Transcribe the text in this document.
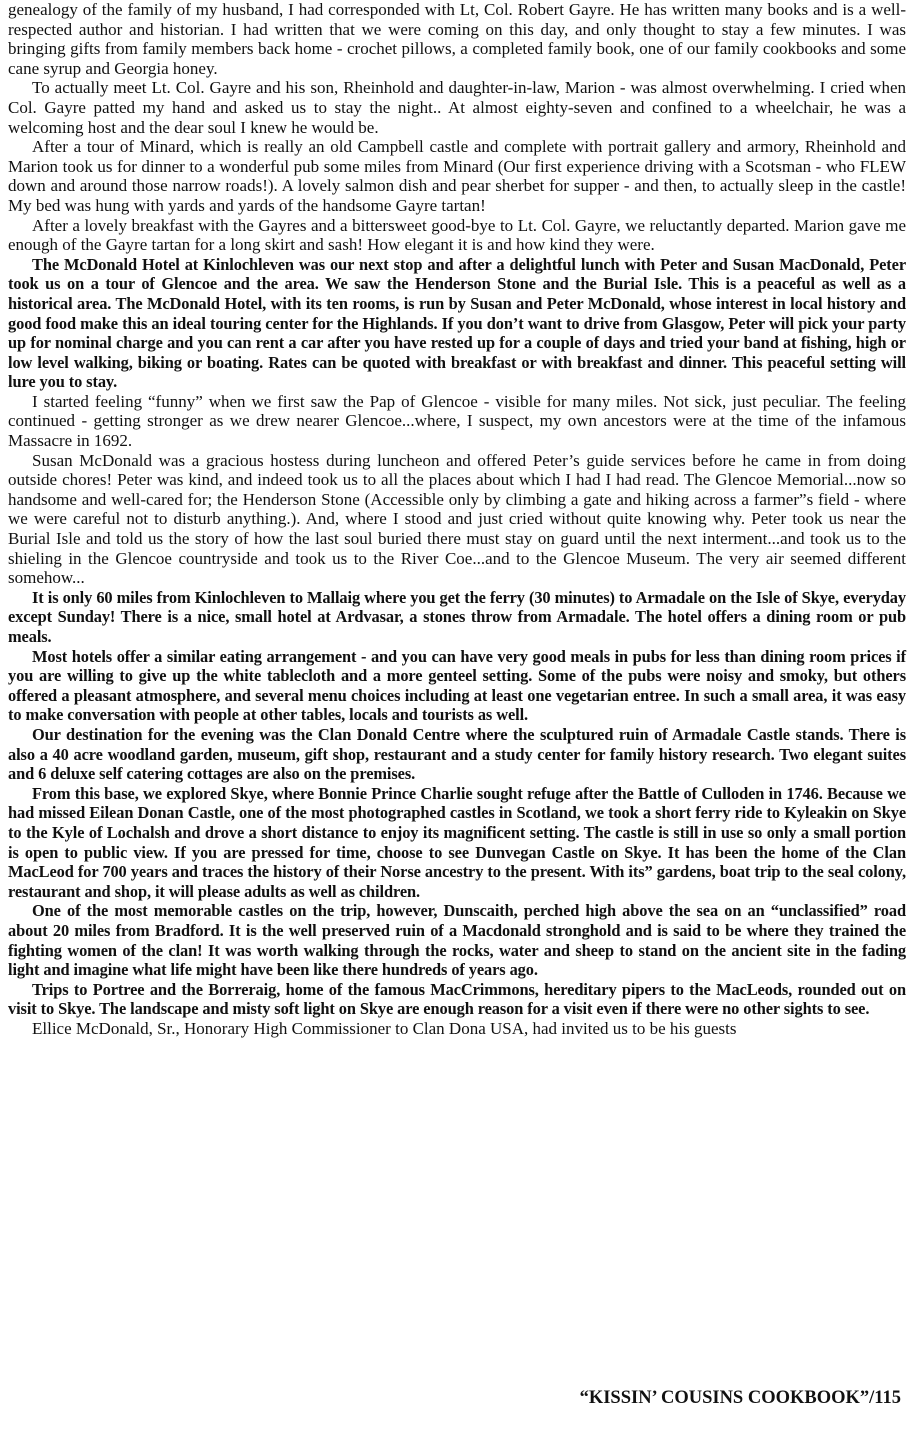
genealogy of the family of my husband, I had corresponded with Lt, Col. Robert Gayre. He has written many books and is a well-respected author and historian. I had written that we were coming on this day, and only thought to stay a few minutes. I was bringing gifts from family members back home - crochet pillows, a completed family book, one of our family cookbooks and some cane syrup and Georgia honey.

To actually meet Lt. Col. Gayre and his son, Rheinhold and daughter-in-law, Marion - was almost overwhelming. I cried when Col. Gayre patted my hand and asked us to stay the night.. At almost eighty-seven and confined to a wheelchair, he was a welcoming host and the dear soul I knew he would be.

After a tour of Minard, which is really an old Campbell castle and complete with portrait gallery and armory, Rheinhold and Marion took us for dinner to a wonderful pub some miles from Minard (Our first experience driving with a Scotsman - who FLEW down and around those narrow roads!). A lovely salmon dish and pear sherbet for supper - and then, to actually sleep in the castle! My bed was hung with yards and yards of the handsome Gayre tartan!

After a lovely breakfast with the Gayres and a bittersweet good-bye to Lt. Col. Gayre, we reluctantly departed. Marion gave me enough of the Gayre tartan for a long skirt and sash! How elegant it is and how kind they were.

The McDonald Hotel at Kinlochleven was our next stop and after a delightful lunch with Peter and Susan MacDonald, Peter took us on a tour of Glencoe and the area. We saw the Henderson Stone and the Burial Isle. This is a peaceful as well as a historical area. The McDonald Hotel, with its ten rooms, is run by Susan and Peter McDonald, whose interest in local history and good food make this an ideal touring center for the Highlands. If you don’t want to drive from Glasgow, Peter will pick your party up for nominal charge and you can rent a car after you have rested up for a couple of days and tried your band at fishing, high or low level walking, biking or boating. Rates can be quoted with breakfast or with breakfast and dinner. This peaceful setting will lure you to stay.

I started feeling “funny” when we first saw the Pap of Glencoe - visible for many miles. Not sick, just peculiar. The feeling continued - getting stronger as we drew nearer Glencoe...where, I suspect, my own ancestors were at the time of the infamous Massacre in 1692.

Susan McDonald was a gracious hostess during luncheon and offered Peter’s guide services before he came in from doing outside chores! Peter was kind, and indeed took us to all the places about which I had I had read. The Glencoe Memorial...now so handsome and well-cared for; the Henderson Stone (Accessible only by climbing a gate and hiking across a farmer”s field - where we were careful not to disturb anything.). And, where I stood and just cried without quite knowing why. Peter took us near the Burial Isle and told us the story of how the last soul buried there must stay on guard until the next interment...and took us to the shieling in the Glencoe countryside and took us to the River Coe...and to the Glencoe Museum. The very air seemed different somehow...

It is only 60 miles from Kinlochleven to Mallaig where you get the ferry (30 minutes) to Armadale on the Isle of Skye, everyday except Sunday! There is a nice, small hotel at Ardvasar, a stones throw from Armadale. The hotel offers a dining room or pub meals.

Most hotels offer a similar eating arrangement - and you can have very good meals in pubs for less than dining room prices if you are willing to give up the white tablecloth and a more genteel setting. Some of the pubs were noisy and smoky, but others offered a pleasant atmosphere, and several menu choices including at least one vegetarian entree. In such a small area, it was easy to make conversation with people at other tables, locals and tourists as well.

Our destination for the evening was the Clan Donald Centre where the sculptured ruin of Armadale Castle stands. There is also a 40 acre woodland garden, museum, gift shop, restaurant and a study center for family history research. Two elegant suites and 6 deluxe self catering cottages are also on the premises.

From this base, we explored Skye, where Bonnie Prince Charlie sought refuge after the Battle of Culloden in 1746. Because we had missed Eilean Donan Castle, one of the most photographed castles in Scotland, we took a short ferry ride to Kyleakin on Skye to the Kyle of Lochalsh and drove a short distance to enjoy its magnificent setting. The castle is still in use so only a small portion is open to public view. If you are pressed for time, choose to see Dunvegan Castle on Skye. It has been the home of the Clan MacLeod for 700 years and traces the history of their Norse ancestry to the present. With its” gardens, boat trip to the seal colony, restaurant and shop, it will please adults as well as children.

One of the most memorable castles on the trip, however, Dunscaith, perched high above the sea on an “unclassified” road about 20 miles from Bradford. It is the well preserved ruin of a Macdonald stronghold and is said to be where they trained the fighting women of the clan! It was worth walking through the rocks, water and sheep to stand on the ancient site in the fading light and imagine what life might have been like there hundreds of years ago.

Trips to Portree and the Borreraig, home of the famous MacCrimmons, hereditary pipers to the MacLeods, rounded out on visit to Skye. The landscape and misty soft light on Skye are enough reason for a visit even if there were no other sights to see.

Ellice McDonald, Sr., Honorary High Commissioner to Clan Dona USA, had invited us to be his guests

“KISSIN’ COUSINS COOKBOOK”/115
